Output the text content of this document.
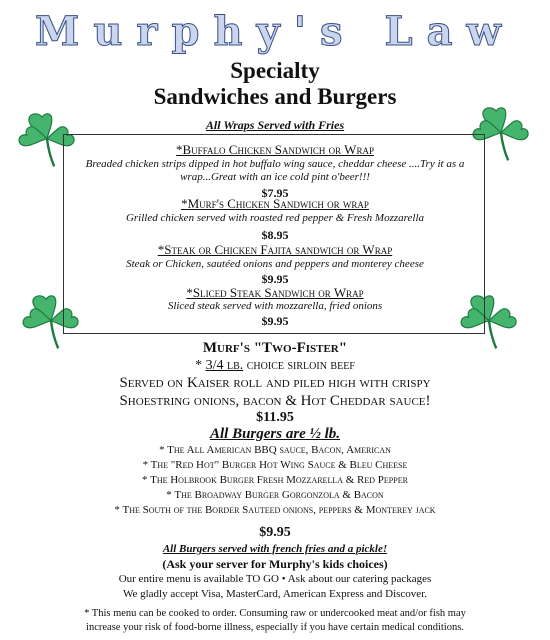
Murphy's Law
Specialty
Sandwiches and Burgers
All Wraps Served with Fries
*Buffalo Chicken Sandwich or Wrap
Breaded chicken strips dipped in hot buffalo wing sauce, cheddar cheese ....Try it as a
wrap...Great with an ice cold pint o'beer!!!
$7.95
*Murf's Chicken Sandwich or wrap
Grilled chicken served with roasted red pepper & Fresh Mozzarella
$8.95
*Steak or Chicken Fajita sandwich or Wrap
Steak or Chicken, sautéed onions and peppers and monterey cheese
$9.95
*Sliced Steak Sandwich or Wrap
Sliced steak served with mozzarella, fried onions
$9.95
Murf's "Two-Fister"
* 3/4 lb. choice sirloin beef
Served on Kaiser roll and piled high with crispy
Shoestring onions, bacon & Hot Cheddar sauce!
$11.95
All Burgers are ½ lb.
* The All American BBQ sauce, Bacon, American
* The "Red Hot" Burger Hot Wing Sauce & Bleu Cheese
* The Holbrook Burger Fresh Mozzarella & Red Pepper
* The Broadway Burger Gorgonzola & Bacon
* The South of the Border Sauteed onions, peppers & Monterey jack
$9.95
All Burgers served with french fries and a pickle!
(Ask your server for Murphy's kids choices)
Our entire menu is available TO GO • Ask about our catering packages
We gladly accept Visa, MasterCard, American Express and Discover.
* This menu can be cooked to order. Consuming raw or undercooked meat and/or fish may
increase your risk of food-borne illness, especially if you have certain medical conditions.
